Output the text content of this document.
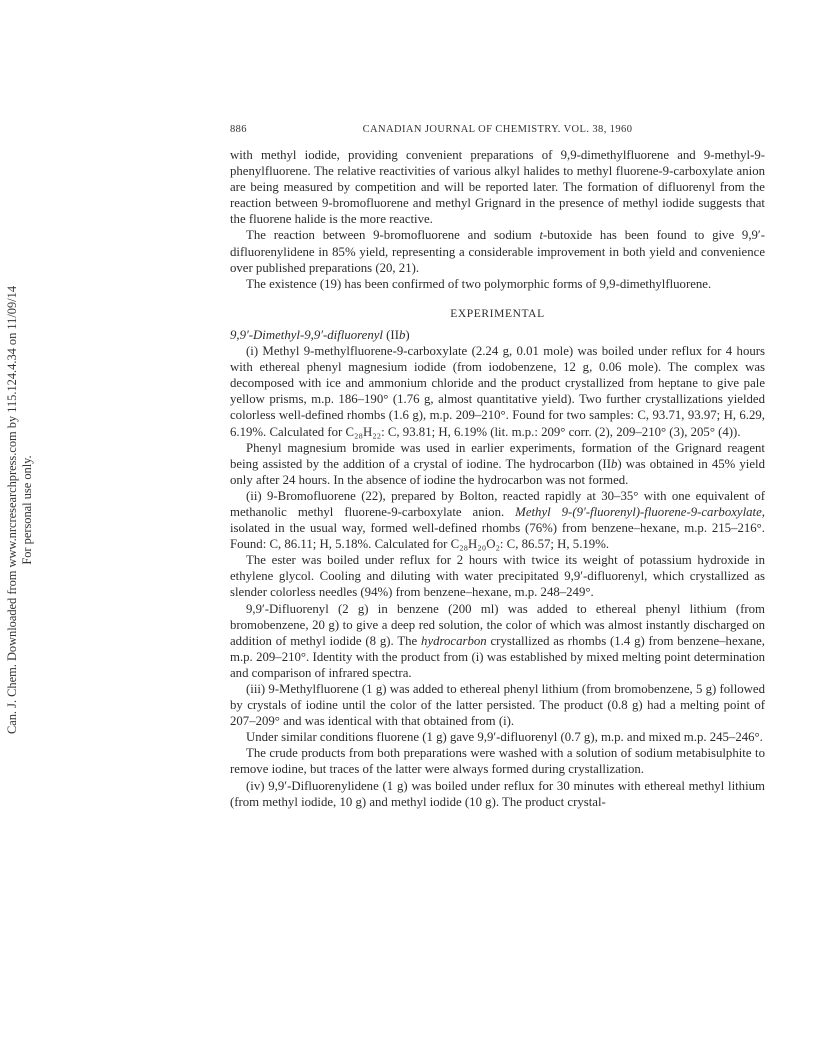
Can. J. Chem. Downloaded from www.nrcresearchpress.com by 115.124.4.34 on 11/09/14 For personal use only.
886	CANADIAN JOURNAL OF CHEMISTRY. VOL. 38, 1960

with methyl iodide, providing convenient preparations of 9,9-dimethylfluorene and 9-methyl-9-phenylfluorene. The relative reactivities of various alkyl halides to methyl fluorene-9-carboxylate anion are being measured by competition and will be reported later. The formation of difluorenyl from the reaction between 9-bromofluorene and methyl Grignard in the presence of methyl iodide suggests that the fluorene halide is the more reactive.

The reaction between 9-bromofluorene and sodium t-butoxide has been found to give 9,9′-difluorenylidene in 85% yield, representing a considerable improvement in both yield and convenience over published preparations (20, 21).

The existence (19) has been confirmed of two polymorphic forms of 9,9-dimethylfluorene.

EXPERIMENTAL

9,9′-Dimethyl-9,9′-difluorenyl (IIb)

(i) Methyl 9-methylfluorene-9-carboxylate (2.24 g, 0.01 mole) was boiled under reflux for 4 hours with ethereal phenyl magnesium iodide (from iodobenzene, 12 g, 0.06 mole). The complex was decomposed with ice and ammonium chloride and the product crystallized from heptane to give pale yellow prisms, m.p. 186–190° (1.76 g, almost quantitative yield). Two further crystallizations yielded colorless well-defined rhombs (1.6 g), m.p. 209–210°. Found for two samples: C, 93.71, 93.97; H, 6.29, 6.19%. Calculated for C₂₈H₂₂: C, 93.81; H, 6.19% (lit. m.p.: 209° corr. (2), 209–210° (3), 205° (4)).

Phenyl magnesium bromide was used in earlier experiments, formation of the Grignard reagent being assisted by the addition of a crystal of iodine. The hydrocarbon (IIb) was obtained in 45% yield only after 24 hours. In the absence of iodine the hydrocarbon was not formed.

(ii) 9-Bromofluorene (22), prepared by Bolton, reacted rapidly at 30–35° with one equivalent of methanolic methyl fluorene-9-carboxylate anion. Methyl 9-(9′-fluorenyl)-fluorene-9-carboxylate, isolated in the usual way, formed well-defined rhombs (76%) from benzene–hexane, m.p. 215–216°. Found: C, 86.11; H, 5.18%. Calculated for C₂₈H₂₀O₂: C, 86.57; H, 5.19%.

The ester was boiled under reflux for 2 hours with twice its weight of potassium hydroxide in ethylene glycol. Cooling and diluting with water precipitated 9,9′-difluorenyl, which crystallized as slender colorless needles (94%) from benzene–hexane, m.p. 248–249°.

9,9′-Difluorenyl (2 g) in benzene (200 ml) was added to ethereal phenyl lithium (from bromobenzene, 20 g) to give a deep red solution, the color of which was almost instantly discharged on addition of methyl iodide (8 g). The hydrocarbon crystallized as rhombs (1.4 g) from benzene–hexane, m.p. 209–210°. Identity with the product from (i) was established by mixed melting point determination and comparison of infrared spectra.

(iii) 9-Methylfluorene (1 g) was added to ethereal phenyl lithium (from bromobenzene, 5 g) followed by crystals of iodine until the color of the latter persisted. The product (0.8 g) had a melting point of 207–209° and was identical with that obtained from (i).

Under similar conditions fluorene (1 g) gave 9,9′-difluorenyl (0.7 g), m.p. and mixed m.p. 245–246°.

The crude products from both preparations were washed with a solution of sodium metabisulphite to remove iodine, but traces of the latter were always formed during crystallization.

(iv) 9,9′-Difluorenylidene (1 g) was boiled under reflux for 30 minutes with ethereal methyl lithium (from methyl iodide, 10 g) and methyl iodide (10 g). The product crystal-
